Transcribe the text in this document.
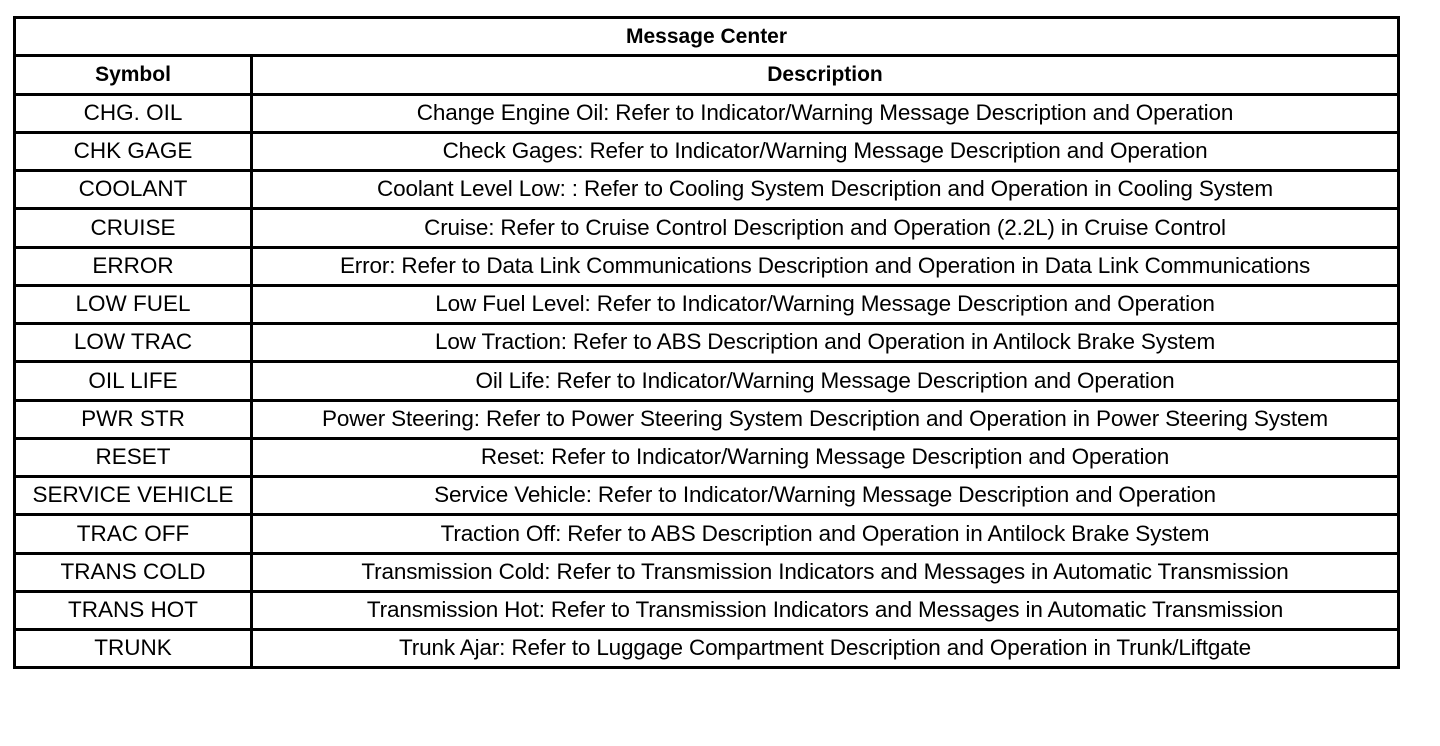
Message Center	
Symbol	Description
CHG. OIL	Change Engine Oil: Refer to Indicator/Warning Message Description and Operation
CHK GAGE	Check Gages: Refer to Indicator/Warning Message Description and Operation
COOLANT	Coolant Level Low: : Refer to Cooling System Description and Operation in Cooling System
CRUISE	Cruise: Refer to Cruise Control Description and Operation (2.2L) in Cruise Control
ERROR	Error: Refer to Data Link Communications Description and Operation in Data Link Communications
LOW FUEL	Low Fuel Level: Refer to Indicator/Warning Message Description and Operation
LOW TRAC	Low Traction: Refer to ABS Description and Operation in Antilock Brake System
OIL LIFE	Oil Life: Refer to Indicator/Warning Message Description and Operation
PWR STR	Power Steering: Refer to Power Steering System Description and Operation in Power Steering System
RESET	Reset: Refer to Indicator/Warning Message Description and Operation
SERVICE VEHICLE	Service Vehicle: Refer to Indicator/Warning Message Description and Operation
TRAC OFF	Traction Off: Refer to ABS Description and Operation in Antilock Brake System
TRANS COLD	Transmission Cold: Refer to Transmission Indicators and Messages in Automatic Transmission
TRANS HOT	Transmission Hot: Refer to Transmission Indicators and Messages in Automatic Transmission
TRUNK	Trunk Ajar: Refer to Luggage Compartment Description and Operation in Trunk/Liftgate
